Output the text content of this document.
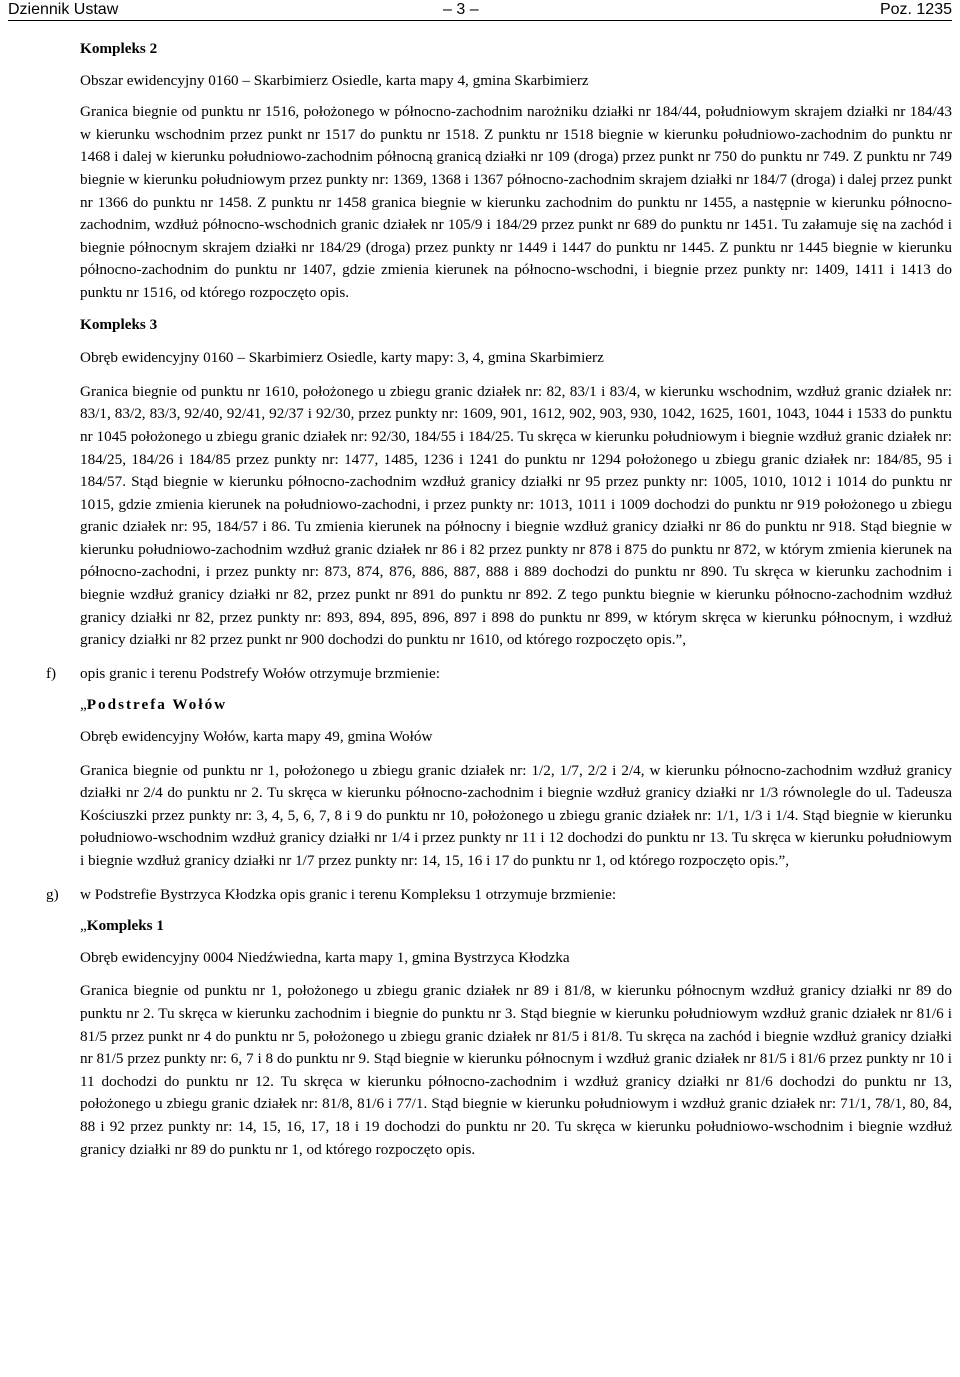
Dziennik Ustaw	– 3 –	Poz. 1235

Kompleks 2

Obszar ewidencyjny 0160 – Skarbimierz Osiedle, karta mapy 4, gmina Skarbimierz

Granica biegnie od punktu nr 1516, położonego w północno-zachodnim narożniku działki nr 184/44, południowym skrajem działki nr 184/43 w kierunku wschodnim przez punkt nr 1517 do punktu nr 1518. Z punktu nr 1518 biegnie w kierunku południowo-zachodnim do punktu nr 1468 i dalej w kierunku południowo-zachodnim północną granicą działki nr 109 (droga) przez punkt nr 750 do punktu nr 749. Z punktu nr 749 biegnie w kierunku południowym przez punkty nr: 1369, 1368 i 1367 północno-zachodnim skrajem działki nr 184/7 (droga) i dalej przez punkt nr 1366 do punktu nr 1458. Z punktu nr 1458 granica biegnie w kierunku zachodnim do punktu nr 1455, a następnie w kierunku północno-zachodnim, wzdłuż północno-wschodnich granic działek nr 105/9 i 184/29 przez punkt nr 689 do punktu nr 1451. Tu załamuje się na zachód i biegnie północnym skrajem działki nr 184/29 (droga) przez punkty nr 1449 i 1447 do punktu nr 1445. Z punktu nr 1445 biegnie w kierunku północno-zachodnim do punktu nr 1407, gdzie zmienia kierunek na północno-wschodni, i biegnie przez punkty nr: 1409, 1411 i 1413 do punktu nr 1516, od którego rozpoczęto opis.

Kompleks 3

Obręb ewidencyjny 0160 – Skarbimierz Osiedle, karty mapy: 3, 4, gmina Skarbimierz

Granica biegnie od punktu nr 1610, położonego u zbiegu granic działek nr: 82, 83/1 i 83/4, w kierunku wschodnim, wzdłuż granic działek nr: 83/1, 83/2, 83/3, 92/40, 92/41, 92/37 i 92/30, przez punkty nr: 1609, 901, 1612, 902, 903, 930, 1042, 1625, 1601, 1043, 1044 i 1533 do punktu nr 1045 położonego u zbiegu granic działek nr: 92/30, 184/55 i 184/25. Tu skręca w kierunku południowym i biegnie wzdłuż granic działek nr: 184/25, 184/26 i 184/85 przez punkty nr: 1477, 1485, 1236 i 1241 do punktu nr 1294 położonego u zbiegu granic działek nr: 184/85, 95 i 184/57. Stąd biegnie w kierunku północno-zachodnim wzdłuż granicy działki nr 95 przez punkty nr: 1005, 1010, 1012 i 1014 do punktu nr 1015, gdzie zmienia kierunek na południowo-zachodni, i przez punkty nr: 1013, 1011 i 1009 dochodzi do punktu nr 919 położonego u zbiegu granic działek nr: 95, 184/57 i 86. Tu zmienia kierunek na północny i biegnie wzdłuż granicy działki nr 86 do punktu nr 918. Stąd biegnie w kierunku południowo-zachodnim wzdłuż granic działek nr 86 i 82 przez punkty nr 878 i 875 do punktu nr 872, w którym zmienia kierunek na północno-zachodni, i przez punkty nr: 873, 874, 876, 886, 887, 888 i 889 dochodzi do punktu nr 890. Tu skręca w kierunku zachodnim i biegnie wzdłuż granicy działki nr 82, przez punkt nr 891 do punktu nr 892. Z tego punktu biegnie w kierunku północno-zachodnim wzdłuż granicy działki nr 82, przez punkty nr: 893, 894, 895, 896, 897 i 898 do punktu nr 899, w którym skręca w kierunku północnym, i wzdłuż granicy działki nr 82 przez punkt nr 900 dochodzi do punktu nr 1610, od którego rozpoczęto opis.”,

f) opis granic i terenu Podstrefy Wołów otrzymuje brzmienie:

„Podstrefa Wołów

Obręb ewidencyjny Wołów, karta mapy 49, gmina Wołów

Granica biegnie od punktu nr 1, położonego u zbiegu granic działek nr: 1/2, 1/7, 2/2 i 2/4, w kierunku północno-zachodnim wzdłuż granicy działki nr 2/4 do punktu nr 2. Tu skręca w kierunku północno-zachodnim i biegnie wzdłuż granicy działki nr 1/3 równolegle do ul. Tadeusza Kościuszki przez punkty nr: 3, 4, 5, 6, 7, 8 i 9 do punktu nr 10, położonego u zbiegu granic działek nr: 1/1, 1/3 i 1/4. Stąd biegnie w kierunku południowo-wschodnim wzdłuż granicy działki nr 1/4 i przez punkty nr 11 i 12 dochodzi do punktu nr 13. Tu skręca w kierunku południowym i biegnie wzdłuż granicy działki nr 1/7 przez punkty nr: 14, 15, 16 i 17 do punktu nr 1, od którego rozpoczęto opis.”,

g) w Podstrefie Bystrzyca Kłodzka opis granic i terenu Kompleksu 1 otrzymuje brzmienie:

„Kompleks 1

Obręb ewidencyjny 0004 Niedźwiedna, karta mapy 1, gmina Bystrzyca Kłodzka

Granica biegnie od punktu nr 1, położonego u zbiegu granic działek nr 89 i 81/8, w kierunku północnym wzdłuż granicy działki nr 89 do punktu nr 2. Tu skręca w kierunku zachodnim i biegnie do punktu nr 3. Stąd biegnie w kierunku południowym wzdłuż granic działek nr 81/6 i 81/5 przez punkt nr 4 do punktu nr 5, położonego u zbiegu granic działek nr 81/5 i 81/8. Tu skręca na zachód i biegnie wzdłuż granicy działki nr 81/5 przez punkty nr: 6, 7 i 8 do punktu nr 9. Stąd biegnie w kierunku północnym i wzdłuż granic działek nr 81/5 i 81/6 przez punkty nr 10 i 11 dochodzi do punktu nr 12. Tu skręca w kierunku północno-zachodnim i wzdłuż granicy działki nr 81/6 dochodzi do punktu nr 13, położonego u zbiegu granic działek nr: 81/8, 81/6 i 77/1. Stąd biegnie w kierunku południowym i wzdłuż granic działek nr: 71/1, 78/1, 80, 84, 88 i 92 przez punkty nr: 14, 15, 16, 17, 18 i 19 dochodzi do punktu nr 20. Tu skręca w kierunku południowo-wschodnim i biegnie wzdłuż granicy działki nr 89 do punktu nr 1, od którego rozpoczęto opis.
